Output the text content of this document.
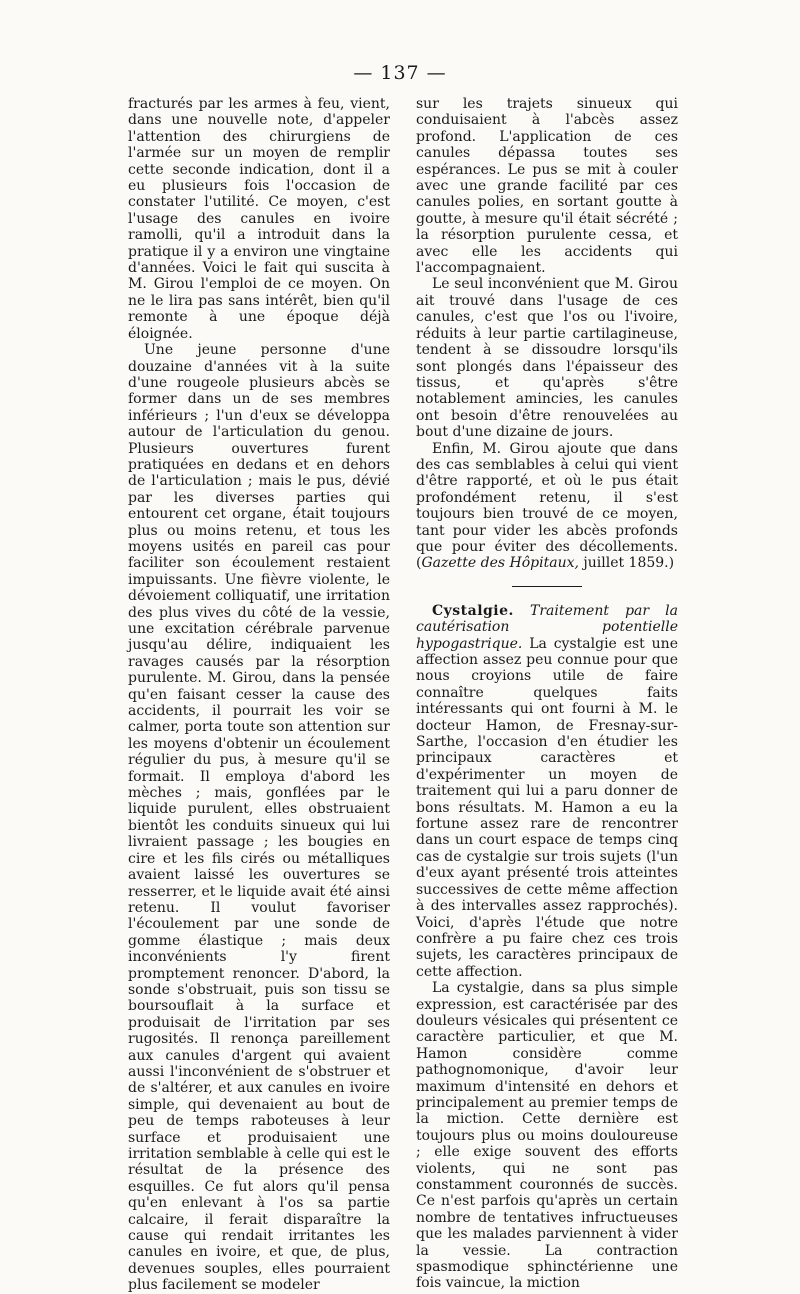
— 137 —

fracturés par les armes à feu, vient, dans une nouvelle note, d'appeler l'attention des chirurgiens de l'armée sur un moyen de remplir cette seconde indication, dont il a eu plusieurs fois l'occasion de constater l'utilité. Ce moyen, c'est l'usage des canules en ivoire ramolli, qu'il a introduit dans la pratique il y a environ une vingtaine d'années. Voici le fait qui suscita à M. Girou l'emploi de ce moyen. On ne le lira pas sans intérêt, bien qu'il remonte à une époque déjà éloignée.

Une jeune personne d'une douzaine d'années vit à la suite d'une rougeole plusieurs abcès se former dans un de ses membres inférieurs ; l'un d'eux se développa autour de l'articulation du genou. Plusieurs ouvertures furent pratiquées en dedans et en dehors de l'articulation ; mais le pus, dévié par les diverses parties qui entourent cet organe, était toujours plus ou moins retenu, et tous les moyens usités en pareil cas pour faciliter son écoulement restaient impuissants. Une fièvre violente, le dévoiement colliquatif, une irritation des plus vives du côté de la vessie, une excitation cérébrale parvenue jusqu'au délire, indiquaient les ravages causés par la résorption purulente. M. Girou, dans la pensée qu'en faisant cesser la cause des accidents, il pourrait les voir se calmer, porta toute son attention sur les moyens d'obtenir un écoulement régulier du pus, à mesure qu'il se formait. Il employa d'abord les mèches ; mais, gonflées par le liquide purulent, elles obstruaient bientôt les conduits sinueux qui lui livraient passage ; les bougies en cire et les fils cirés ou métalliques avaient laissé les ouvertures se resserrer, et le liquide avait été ainsi retenu. Il voulut favoriser l'écoulement par une sonde de gomme élastique ; mais deux inconvénients l'y firent promptement renoncer. D'abord, la sonde s'obstruait, puis son tissu se boursouflait à la surface et produisait de l'irritation par ses rugosités. Il renonça pareillement aux canules d'argent qui avaient aussi l'inconvénient de s'obstruer et de s'altérer, et aux canules en ivoire simple, qui devenaient au bout de peu de temps raboteuses à leur surface et produisaient une irritation semblable à celle qui est le résultat de la présence des esquilles. Ce fut alors qu'il pensa qu'en enlevant à l'os sa partie calcaire, il ferait disparaître la cause qui rendait irritantes les canules en ivoire, et que, de plus, devenues souples, elles pourraient plus facilement se modeler

sur les trajets sinueux qui conduisaient à l'abcès assez profond. L'application de ces canules dépassa toutes ses espérances. Le pus se mit à couler avec une grande facilité par ces canules polies, en sortant goutte à goutte, à mesure qu'il était sécrété ; la résorption purulente cessa, et avec elle les accidents qui l'accompagnaient.

Le seul inconvénient que M. Girou ait trouvé dans l'usage de ces canules, c'est que l'os ou l'ivoire, réduits à leur partie cartilagineuse, tendent à se dissoudre lorsqu'ils sont plongés dans l'épaisseur des tissus, et qu'après s'être notablement amincies, les canules ont besoin d'être renouvelées au bout d'une dizaine de jours.

Enfin, M. Girou ajoute que dans des cas semblables à celui qui vient d'être rapporté, et où le pus était profondément retenu, il s'est toujours bien trouvé de ce moyen, tant pour vider les abcès profonds que pour éviter des décollements. (Gazette des Hôpitaux, juillet 1859.)

Cystalgie. Traitement par la cautérisation potentielle hypogastrique. La cystalgie est une affection assez peu connue pour que nous croyions utile de faire connaître quelques faits intéressants qui ont fourni à M. le docteur Hamon, de Fresnay-sur-Sarthe, l'occasion d'en étudier les principaux caractères et d'expérimenter un moyen de traitement qui lui a paru donner de bons résultats. M. Hamon a eu la fortune assez rare de rencontrer dans un court espace de temps cinq cas de cystalgie sur trois sujets (l'un d'eux ayant présenté trois atteintes successives de cette même affection à des intervalles assez rapprochés). Voici, d'après l'étude que notre confrère a pu faire chez ces trois sujets, les caractères principaux de cette affection.

La cystalgie, dans sa plus simple expression, est caractérisée par des douleurs vésicales qui présentent ce caractère particulier, et que M. Hamon considère comme pathognomonique, d'avoir leur maximum d'intensité en dehors et principalement au premier temps de la miction. Cette dernière est toujours plus ou moins douloureuse ; elle exige souvent des efforts violents, qui ne sont pas constamment couronnés de succès. Ce n'est parfois qu'après un certain nombre de tentatives infructueuses que les malades parviennent à vider la vessie. La contraction spasmodique sphinctérienne une fois vaincue, la miction
